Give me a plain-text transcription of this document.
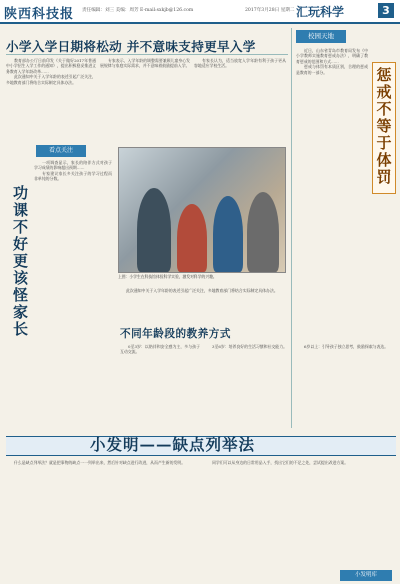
陕西科技报 责任编辑：刘三 美编：周芳 E-mail:sxkjb@126.com	2017年3月28日 星期二 汇玩科学	3
小学入学日期将松动 并不意味支持更早入学

教育部办公厅日前印发《关于做好2017年普通中小学招生入学工作的通知》，提出积极稳妥推进义务教育入学年龄改革……

此次通知中关于入学年龄的表述引起广泛关注，多地教育部门将结合实际制定具体办法。

专家表示，入学年龄的调整需要兼顾儿童身心发展规律与家庭实际需求，并不意味着鼓励提前入学。

有家长认为，适当放宽入学年龄有利于孩子更从容地适应学校生活。

校园天地

近日，山东省青岛市教育局发布《中小学教师实施教育惩戒办法》，明确了教育惩戒的范围和方式……

惩戒与体罚有本质区别，合理的惩戒是教育的一部分。	惩戒不等于体罚
看点关注
功课不好更该怪家长

一项调查显示，家长的陪伴方式对孩子学习成绩的影响超出预期……

专家建议家长多关注孩子的学习过程而非单纯的分数。

上图：小学生在科技馆体验科学实验，激发对科学的兴趣。

此次通知中关于入学年龄的表述引起广泛关注，多地教育部门将结合实际制定具体办法。

不同年龄段的教养方式

0至3岁：以陪伴和安全感为主，多与孩子互动交流。

3至6岁：培养良好的生活习惯和社交能力。	6岁以上：引导孩子独立思考，鼓励探索与表达。

小发明——缺点列举法

什么是缺点列举法？就是把事物的缺点一一列举出来，然后针对缺点进行改进，从而产生新的发明。	同学们可以从身边的日常用品入手，找出它们的不足之处，尝试提出改进方案。

小发明库
